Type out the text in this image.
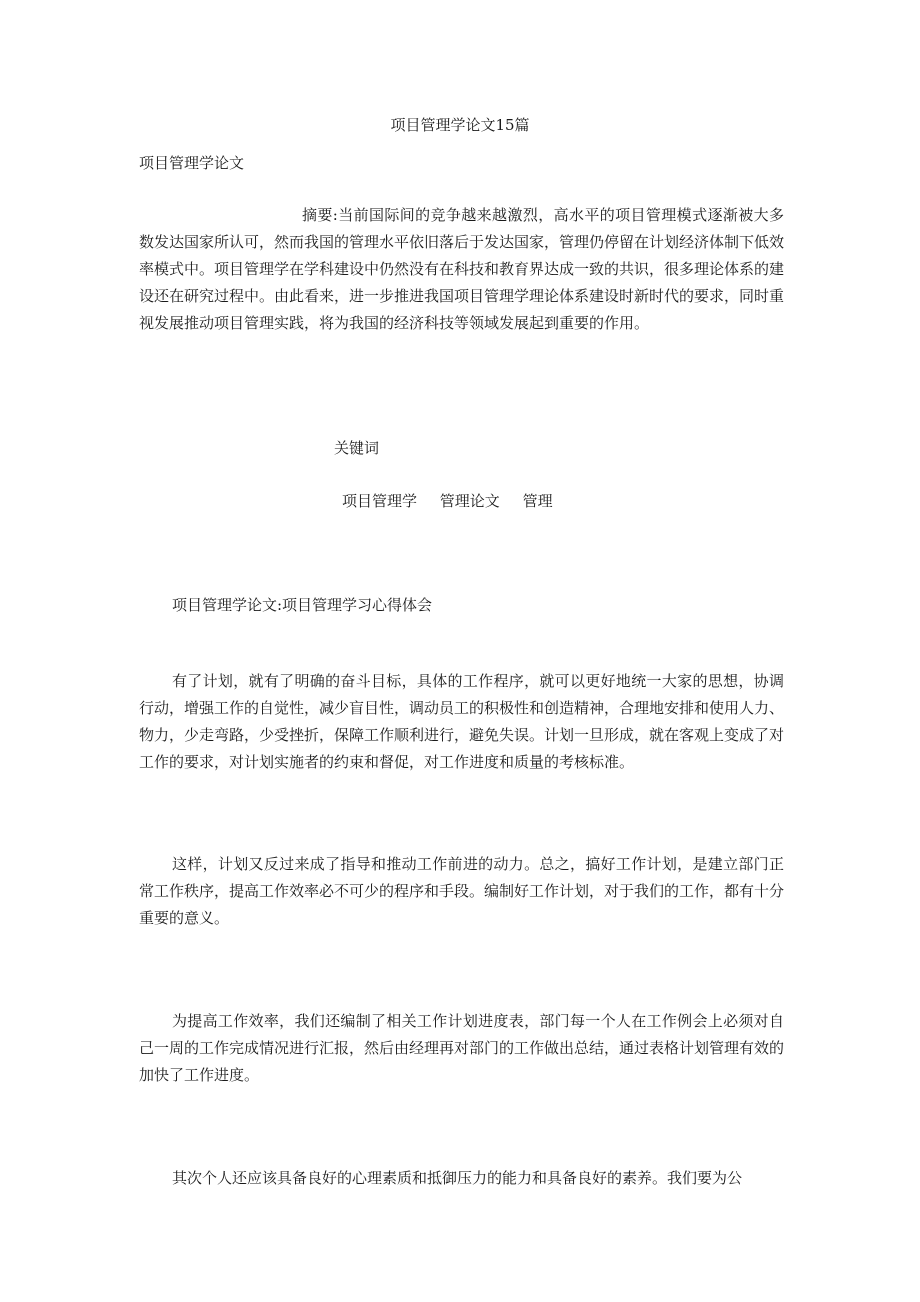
项目管理学论文15篇
项目管理学论文

摘要:当前国际间的竞争越来越激烈，高水平的项目管理模式逐渐被大多数发达国家所认可，然而我国的管理水平依旧落后于发达国家，管理仍停留在计划经济体制下低效率模式中。项目管理学在学科建设中仍然没有在科技和教育界达成一致的共识，很多理论体系的建设还在研究过程中。由此看来，进一步推进我国项目管理学理论体系建设时新时代的要求，同时重视发展推动项目管理实践，将为我国的经济科技等领域发展起到重要的作用。

关键词
项目管理学 管理论文 管理
项目管理学论文:项目管理学习心得体会

有了计划，就有了明确的奋斗目标，具体的工作程序，就可以更好地统一大家的思想，协调行动，增强工作的自觉性，减少盲目性，调动员工的积极性和创造精神，合理地安排和使用人力、物力，少走弯路，少受挫折，保障工作顺利进行，避免失误。计划一旦形成，就在客观上变成了对工作的要求，对计划实施者的约束和督促，对工作进度和质量的考核标准。

这样，计划又反过来成了指导和推动工作前进的动力。总之，搞好工作计划，是建立部门正常工作秩序，提高工作效率必不可少的程序和手段。编制好工作计划，对于我们的工作，都有十分重要的意义。

为提高工作效率，我们还编制了相关工作计划进度表，部门每一个人在工作例会上必须对自己一周的工作完成情况进行汇报，然后由经理再对部门的工作做出总结，通过表格计划管理有效的加快了工作进度。

其次个人还应该具备良好的心理素质和抵御压力的能力和具备良好的素养。我们要为公
